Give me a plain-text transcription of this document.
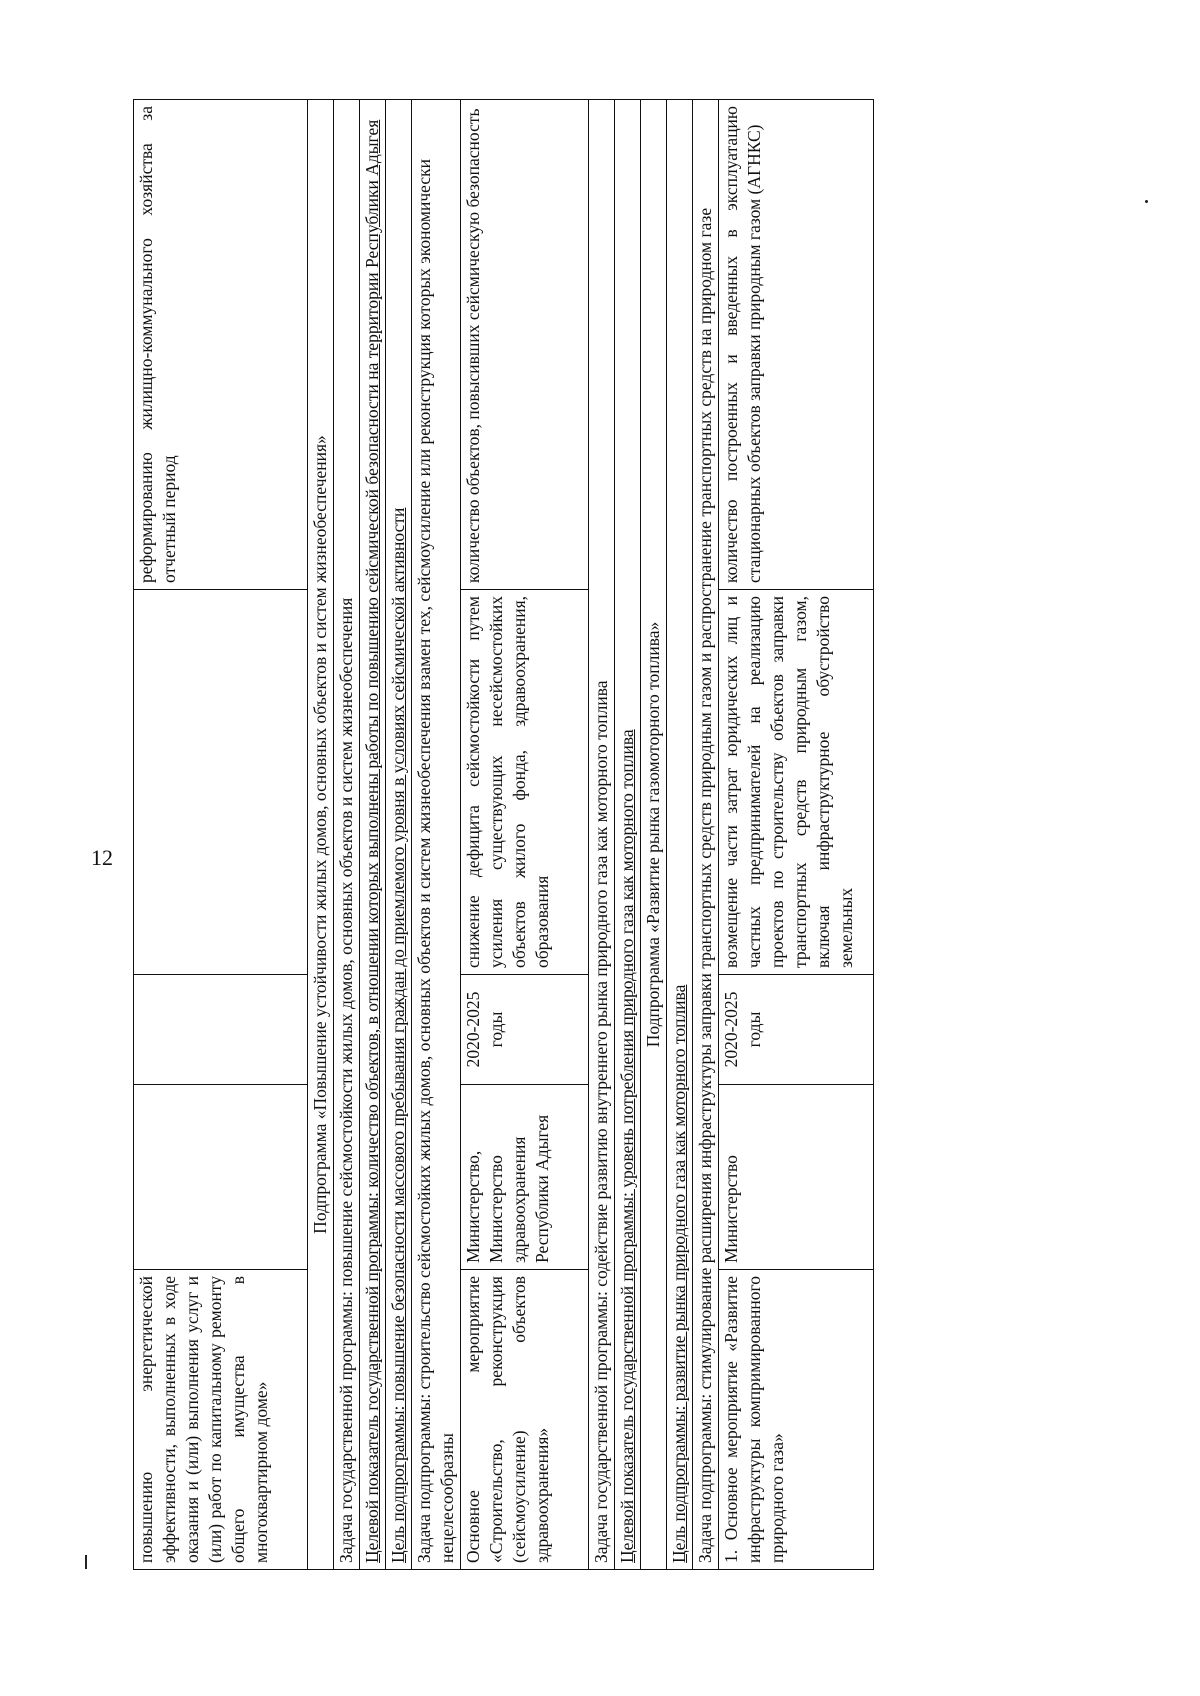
12
повышению энергетической эффективности, выполненных в ходе оказания и (или) выполнения услуг и (или) работ по капитальному ремонту общего имущества в многоквартирном доме»				реформированию жилищно-коммунального хозяйства за отчетный период
Подпрограмма «Повышение устойчивости жилых домов, основных объектов и систем жизнеобеспечения»				
Задача государственной программы: повышение сейсмостойкости жилых домов, основных объектов и систем жизнеобеспечения				
Целевой показатель государственной программы: количество объектов, в отношении которых выполнены работы по повышению сейсмической безопасности на территории Республики Адыгея				
Цель подпрограммы: повышение безопасности массового пребывания граждан до приемлемого уровня в условиях сейсмической активности				
Задача подпрограммы: строительство сейсмостойких жилых домов, основных объектов и систем жизнеобеспечения взамен тех, сейсмоусиление или реконструкция которых экономически нецелесообразны				
Основное мероприятие «Строительство, реконструкция (сейсмоусиление) объектов здравоохранения»	Министерство, Министерство здравоохранения Республики Адыгея	2020-2025 годы	снижение дефицита сейсмостойкости путем усиления существующих несейсмостойких объектов жилого фонда, здравоохранения, образования	количество объектов, повысивших сейсмическую безопасность
Задача государственной программы: содействие развитию внутреннего рынка природного газа как моторного топлива				
Целевой показатель государственной программы: уровень потребления природного газа как моторного топлива				
Подпрограмма «Развитие рынка газомоторного топлива»				
Цель подпрограммы: развитие рынка природного газа как моторного топлива				
Задача подпрограммы: стимулирование расширения инфраструктуры заправки транспортных средств природным газом и распространение транспортных средств на природном газе				
1. Основное мероприятие «Развитие инфраструктуры компримированного природного газа»	Министерство	2020-2025 годы	возмещение части затрат юридических лиц и частных предпринимателей на реализацию проектов по строительству объектов заправки транспортных средств природным газом, включая инфраструктурное обустройство земельных	количество построенных и введенных в эксплуатацию стационарных объектов заправки природным газом (АГНКС)
